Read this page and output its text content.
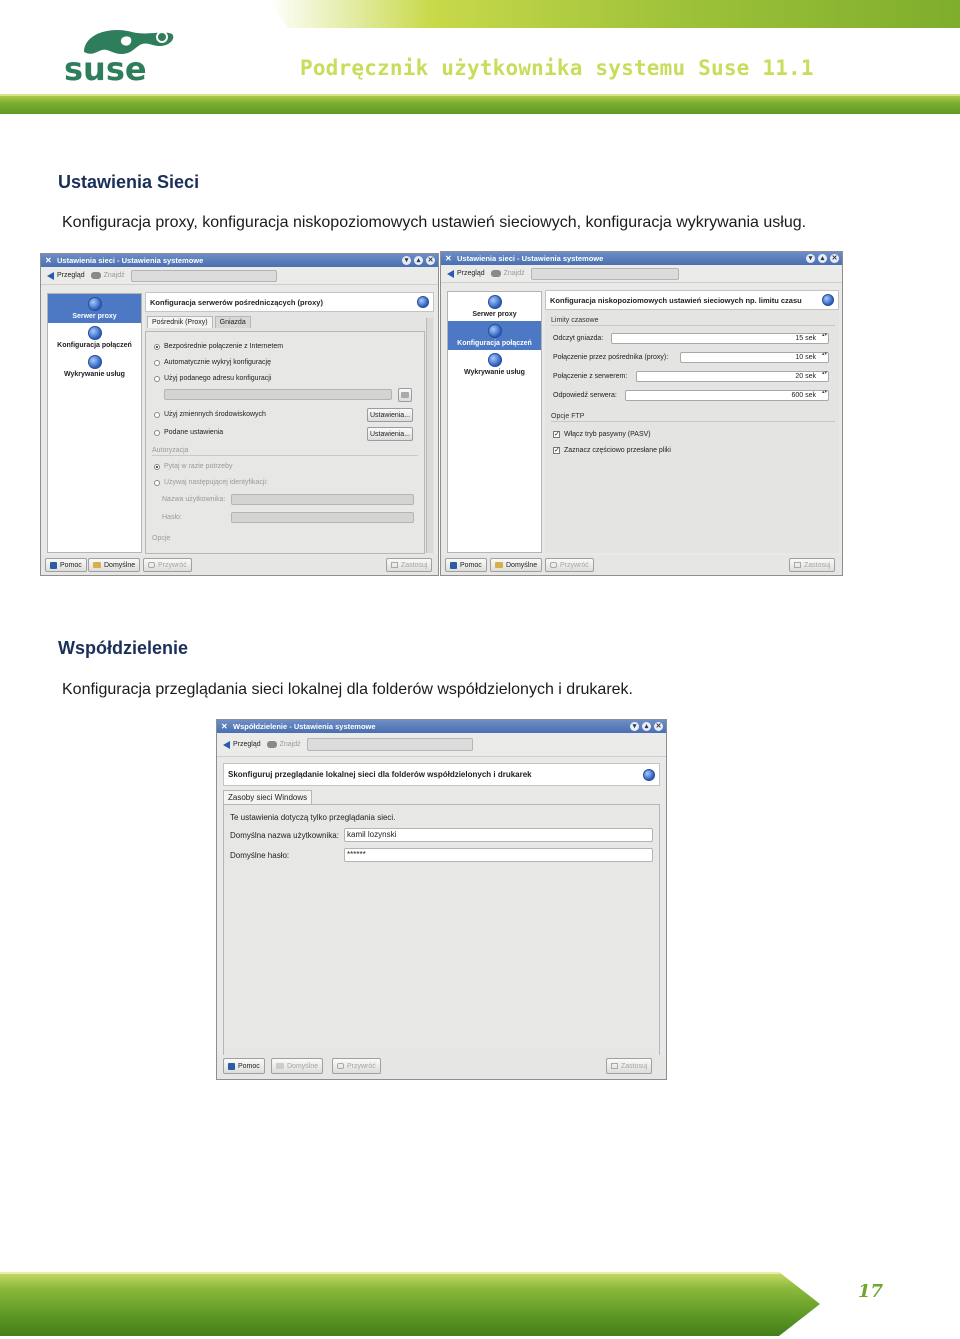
suse	Podręcznik użytkownika systemu Suse 11.1
Ustawienia Sieci
Konfiguracja proxy, konfiguracja niskopoziomowych ustawień sieciowych, konfiguracja wykrywania usług.
✕ Ustawienia sieci - Ustawienia systemowe	▾	▴	✕
Przegląd	Znajdź
Serwer proxy
Konfiguracja połączeń
Wykrywanie usług
Konfiguracja serwerów pośredniczących (proxy)
Pośrednik (Proxy)	Gniazda
Bezpośrednie połączenie z Internetem
Automatycznie wykryj konfigurację
Użyj podanego adresu konfiguracji
Użyj zmiennych środowiskowych	Ustawienia...
Podane ustawienia	Ustawienia...
Autoryzacja
Pytaj w razie potrzeby
Używaj następującej identyfikacji:
Nazwa użytkownika:
Hasło:
Opcje
Pomoc	Domyślne	Przywróć	Zastosuj
✕ Ustawienia sieci - Ustawienia systemowe	▾	▴	✕
Przegląd	Znajdź
Serwer proxy
Konfiguracja połączeń
Wykrywanie usług
Konfiguracja niskopoziomowych ustawień sieciowych np. limitu czasu
Limity czasowe
Odczyt gniazda:	15 sek ▴▾
Połączenie przez pośrednika (proxy):	10 sek ▴▾
Połączenie z serwerem:	20 sek ▴▾
Odpowiedź serwera:	600 sek ▴▾
Opcje FTP
✓ Włącz tryb pasywny (PASV)
✓ Zaznacz częściowo przesłane pliki
Pomoc	Domyślne	Przywróć	Zastosuj
Współdzielenie
Konfiguracja przeglądania sieci lokalnej dla folderów współdzielonych i drukarek.
✕ Współdzielenie - Ustawienia systemowe	▾	▴	✕
Przegląd	Znajdź
Skonfiguruj przeglądanie lokalnej sieci dla folderów współdzielonych i drukarek
Zasoby sieci Windows
Te ustawienia dotyczą tylko przeglądania sieci.
Domyślna nazwa użytkownika:	kamil lozynski
Domyślne hasło:	******
Pomoc	Domyślne	Przywróć	Zastosuj
17
